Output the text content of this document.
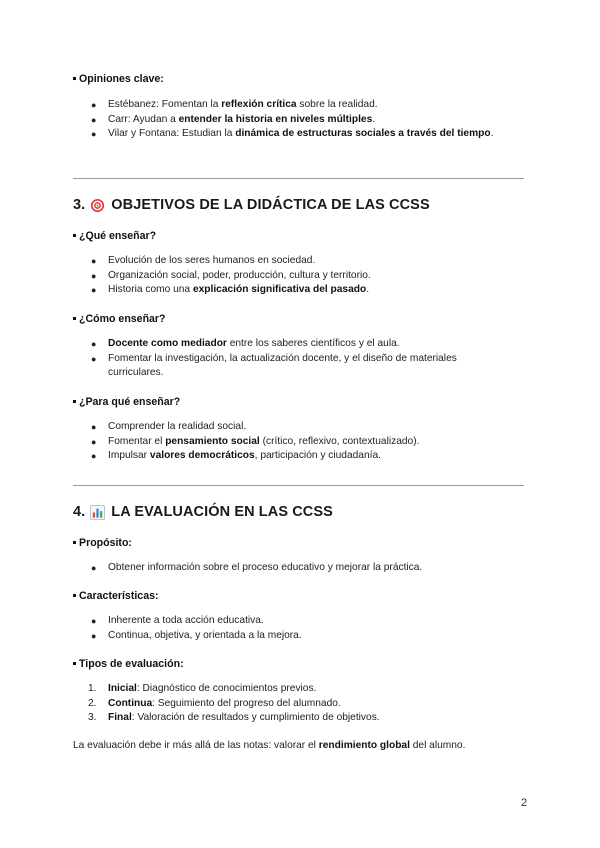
Opiniones clave:
● Estébanez: Fomentan la reflexión crítica sobre la realidad.
● Carr: Ayudan a entender la historia en niveles múltiples.
● Vilar y Fontana: Estudian la dinámica de estructuras sociales a través del tiempo.
3. OBJETIVOS DE LA DIDÁCTICA DE LAS CCSS
¿Qué enseñar?
● Evolución de los seres humanos en sociedad.
● Organización social, poder, producción, cultura y territorio.
● Historia como una explicación significativa del pasado.
¿Cómo enseñar?
● Docente como mediador entre los saberes científicos y el aula.
● Fomentar la investigación, la actualización docente, y el diseño de materiales curriculares.
¿Para qué enseñar?
● Comprender la realidad social.
● Fomentar el pensamiento social (crítico, reflexivo, contextualizado).
● Impulsar valores democráticos, participación y ciudadanía.
4. LA EVALUACIÓN EN LAS CCSS
Propósito:
● Obtener información sobre el proceso educativo y mejorar la práctica.
Características:
● Inherente a toda acción educativa.
● Continua, objetiva, y orientada a la mejora.
Tipos de evaluación:
1. Inicial: Diagnóstico de conocimientos previos.
2. Continua: Seguimiento del progreso del alumnado.
3. Final: Valoración de resultados y cumplimiento de objetivos.
La evaluación debe ir más allá de las notas: valorar el rendimiento global del alumno.
2
